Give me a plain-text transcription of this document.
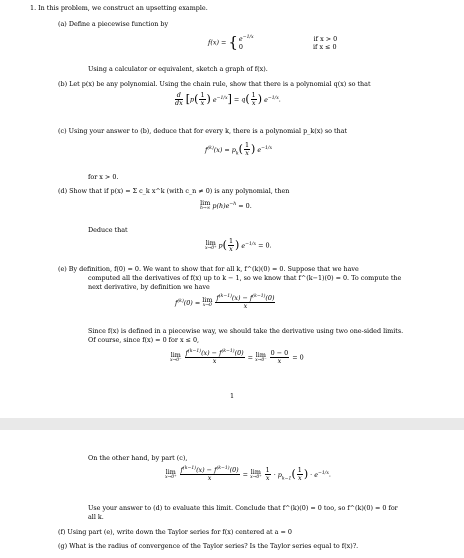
1. In this problem, we construct an upsetting example.
(a) Define a piecewise function by
f(x) = { $e^{-1/x}$	if x > 0
0	if x ≤ 0
Using a calculator or equivalent, sketch a graph of f(x).
(b) Let p(x) be any polynomial. Using the chain rule, show that there is a polynomial q(x) so that
$\frac{d}{dx} [p( \frac{1}{x}$ ) $e^{-1/x}] = q( \frac{1}{x}$ ) $e^{-1/x}$.
(c) Using your answer to (b), deduce that for every k, there is a polynomial p_k(x) so that
$f^{(k)}(x) = p_k( \frac{1}{x}$ ) $e^{-1/x}$
for x > 0.
(d) Show that if p(x) = Σ c_k x^k (with c_n ≠ 0) is any polynomial, then
lim
h→∞ $p(h)e^{-h} = 0$.
Deduce that
lim
x→0⁺ $p( \frac{1}{x}$ ) $e^{-1/x} = 0$.
(e) By definition, f(0) = 0. We want to show that for all k, f^(k)(0) = 0. Suppose that we have
computed all the derivatives of f(x) up to k − 1, so we know that f^(k−1)(0) = 0. To compute the
next derivative, by definition we have
$f^{(k)}(0) = \lim$
$x\to 0 \frac{f^{(k-1)}(x) - f^{(k-1)}(0)}{x}$
Since f(x) is defined in a piecewise way, we should take the derivative using two one-sided limits.
Of course, since f(x) = 0 for x ≤ 0,
lim
$x\to 0^- \frac{f^{(k-1)}(x) - f^{(k-1)}(0)}{x} = \lim$
$x\to 0^- \frac{0 - 0}{x} = 0$
1
On the other hand, by part (c),
lim
$x\to 0^+ \frac{f^{(k-1)}(x) - f^{(k-1)}(0)}{x} = \lim$
$x\to 0^+ \frac{1}{x} \cdot p_{k-1}( \frac{1}{x}$ ) · $e^{-1/x}$.
Use your answer to (d) to evaluate this limit. Conclude that f^(k)(0) = 0 too, so f^(k)(0) = 0 for
all k.
(f) Using part (e), write down the Taylor series for f(x) centered at a = 0
(g) What is the radius of convergence of the Taylor series? Is the Taylor series equal to f(x)?.
